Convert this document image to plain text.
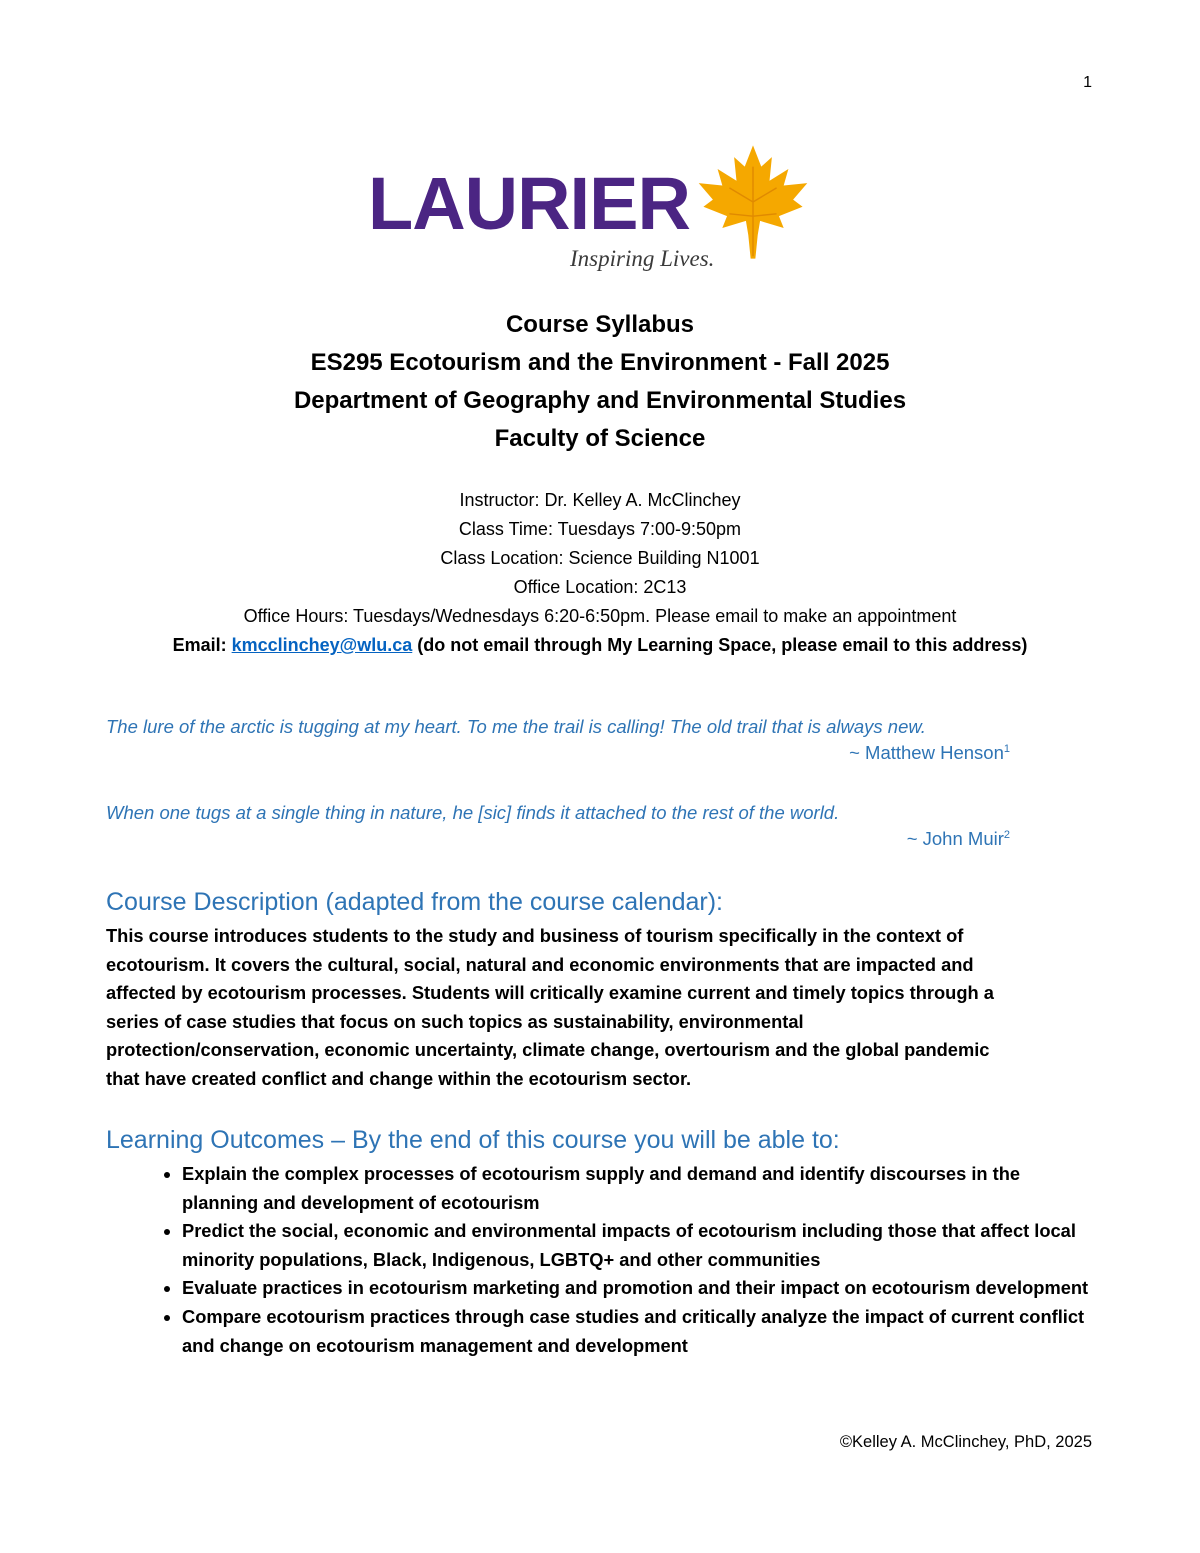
1
LAURIER
Inspiring Lives.
Course Syllabus
ES295 Ecotourism and the Environment - Fall 2025
Department of Geography and Environmental Studies
Faculty of Science
Instructor: Dr. Kelley A. McClinchey
Class Time: Tuesdays 7:00-9:50pm
Class Location: Science Building N1001
Office Location: 2C13
Office Hours: Tuesdays/Wednesdays 6:20-6:50pm. Please email to make an appointment
Email: kmcclinchey@wlu.ca (do not email through My Learning Space, please email to this address)
The lure of the arctic is tugging at my heart. To me the trail is calling! The old trail that is always new.
~ Matthew Henson$^1$
When one tugs at a single thing in nature, he [sic] finds it attached to the rest of the world.
~ John Muir$^2$
Course Description (adapted from the course calendar):
This course introduces students to the study and business of tourism specifically in the context of
ecotourism. It covers the cultural, social, natural and economic environments that are impacted and
affected by ecotourism processes. Students will critically examine current and timely topics through a
series of case studies that focus on such topics as sustainability, environmental
protection/conservation, economic uncertainty, climate change, overtourism and the global pandemic
that have created conflict and change within the ecotourism sector.
Learning Outcomes – By the end of this course you will be able to:
• Explain the complex processes of ecotourism supply and demand and identify discourses in the planning and development of ecotourism
• Predict the social, economic and environmental impacts of ecotourism including those that affect local minority populations, Black, Indigenous, LGBTQ+ and other communities
• Evaluate practices in ecotourism marketing and promotion and their impact on ecotourism development
• Compare ecotourism practices through case studies and critically analyze the impact of current conflict and change on ecotourism management and development
©Kelley A. McClinchey, PhD, 2025
